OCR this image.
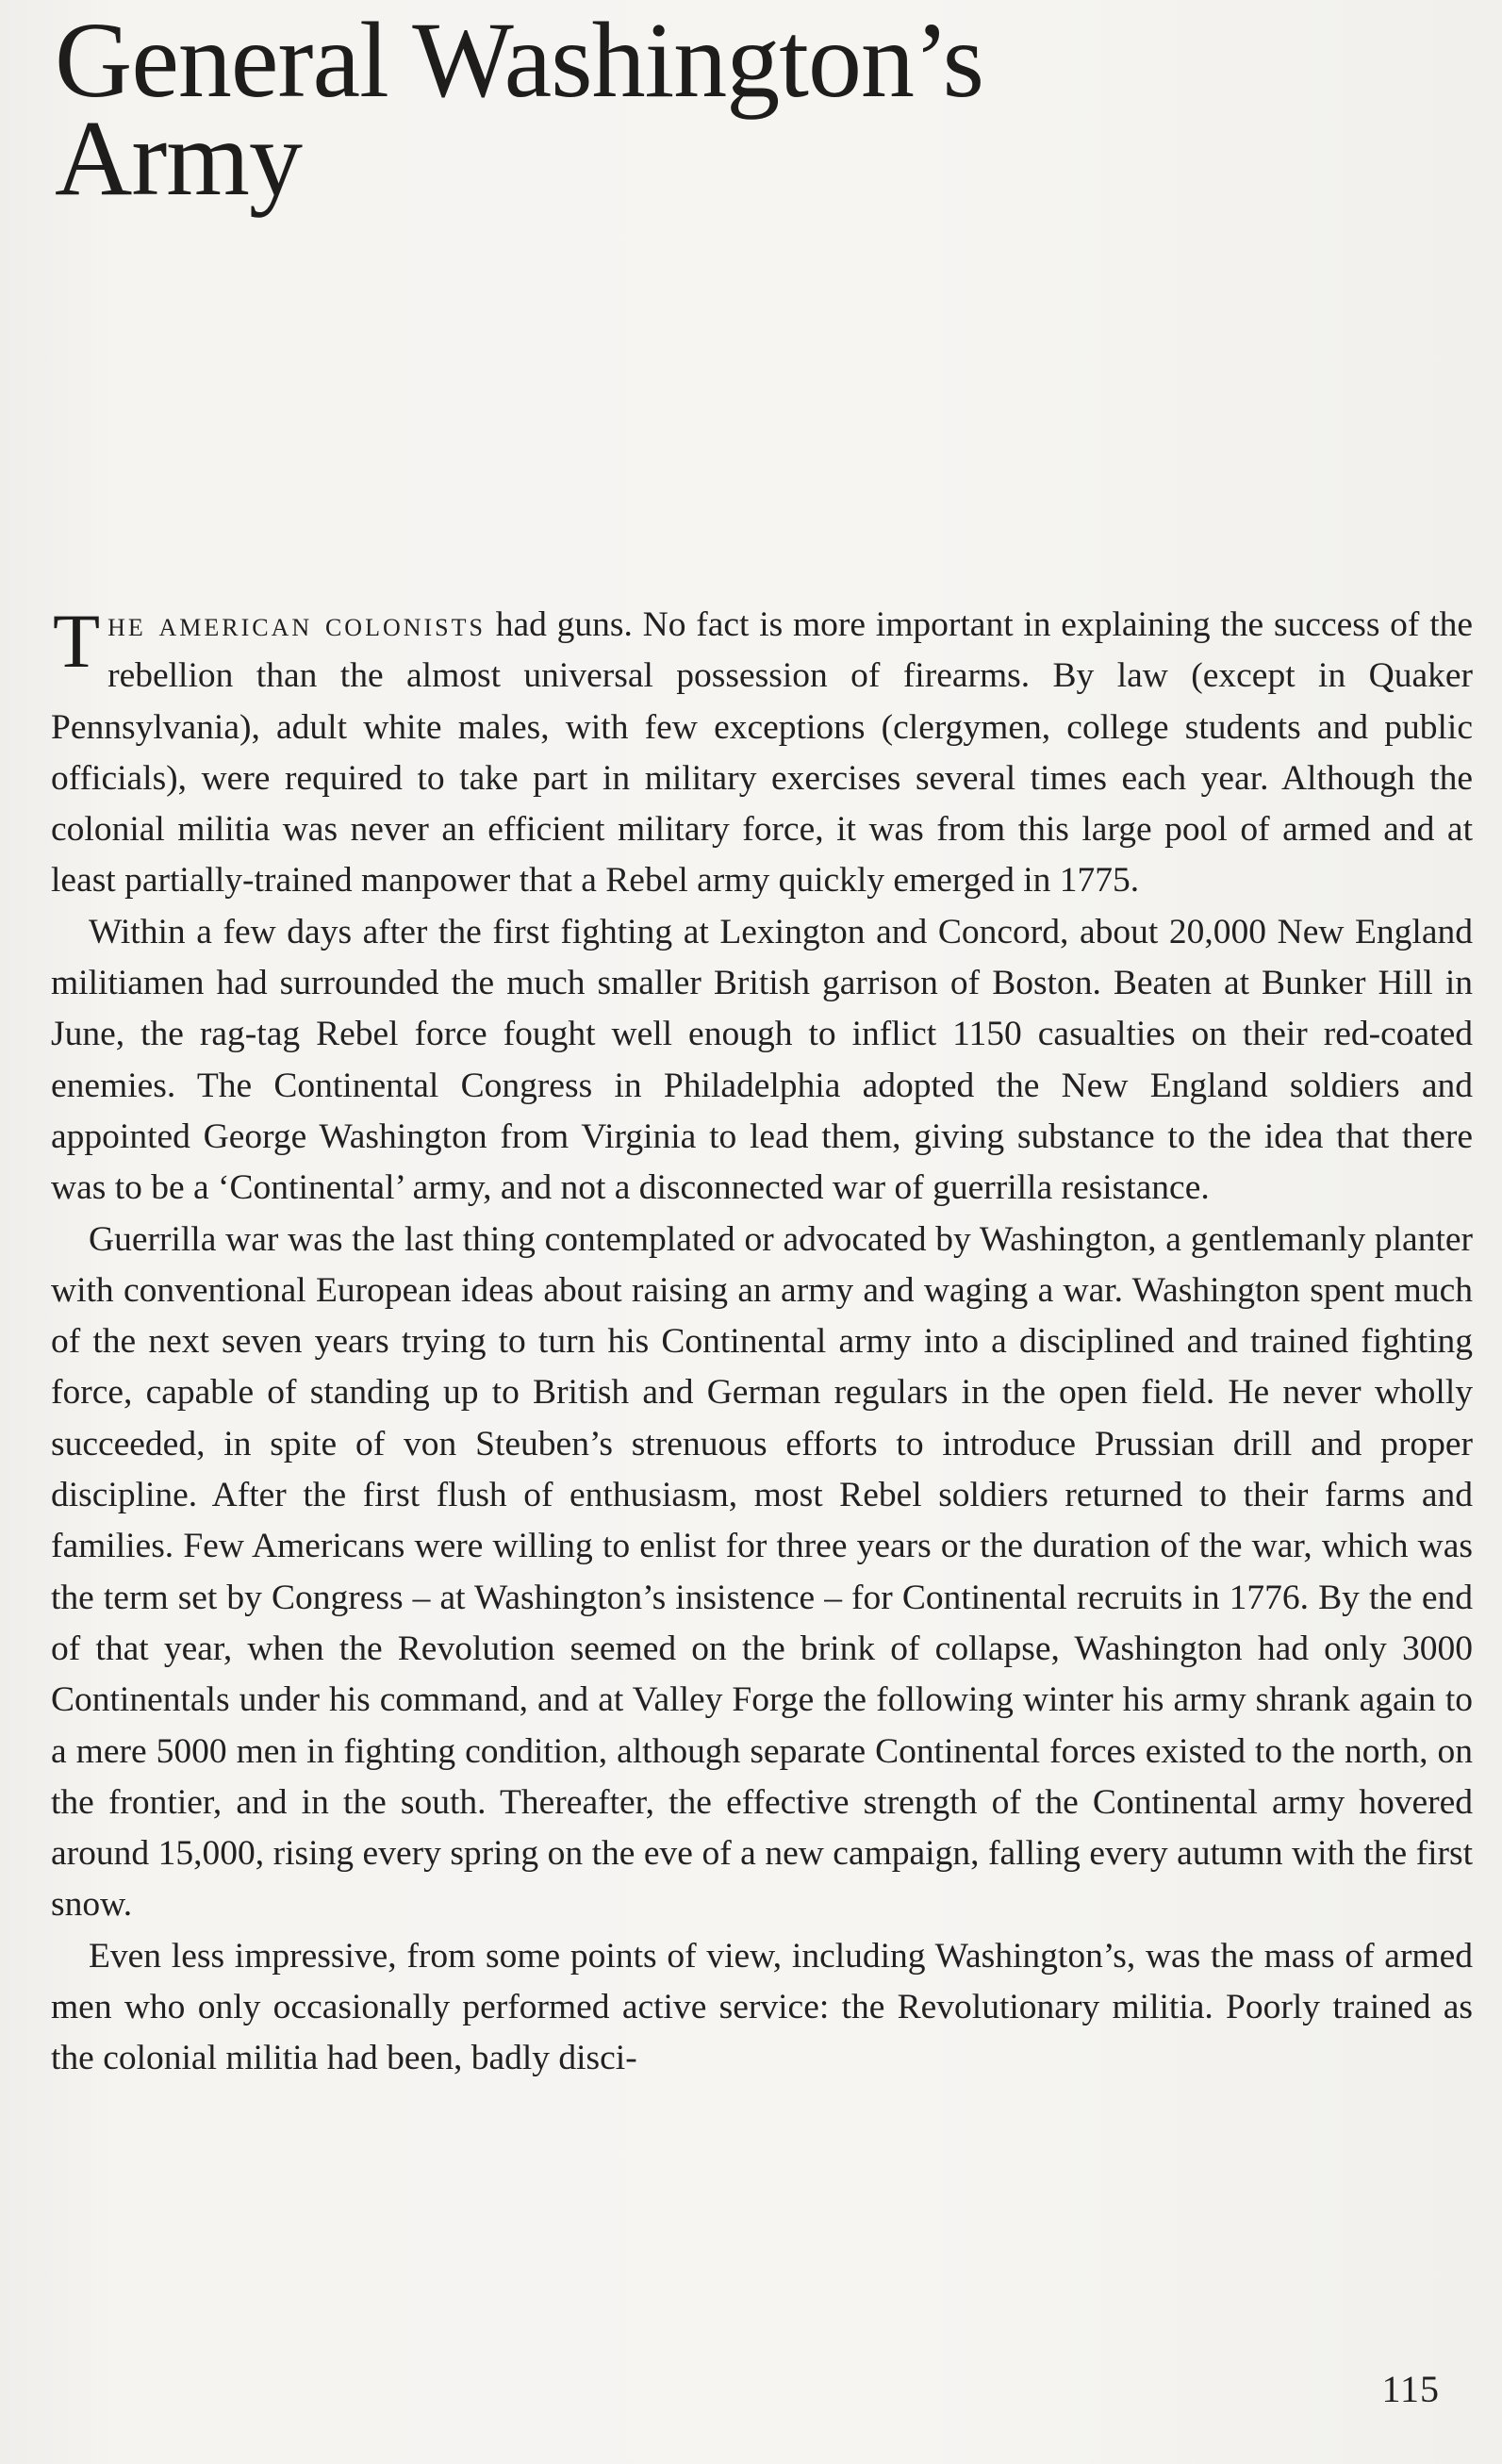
General Washington’s
Army

The american colonists had guns. No fact is more important in explaining the success of the rebellion than the almost universal possession of firearms. By law (except in Quaker Pennsylvania), adult white males, with few exceptions (clergymen, college students and public officials), were required to take part in military exercises several times each year. Although the colonial militia was never an efficient military force, it was from this large pool of armed and at least partially-trained manpower that a Rebel army quickly emerged in 1775.

Within a few days after the first fighting at Lexington and Concord, about 20,000 New England militiamen had surrounded the much smaller British garrison of Boston. Beaten at Bunker Hill in June, the rag-tag Rebel force fought well enough to inflict 1150 casualties on their red-coated enemies. The Continental Congress in Philadelphia adopted the New England soldiers and appointed George Washington from Virginia to lead them, giving substance to the idea that there was to be a ‘Continental’ army, and not a disconnected war of guerrilla resistance.

Guerrilla war was the last thing contemplated or advocated by Washington, a gentlemanly planter with conventional European ideas about raising an army and waging a war. Washington spent much of the next seven years trying to turn his Continental army into a disciplined and trained fighting force, capable of standing up to British and German regulars in the open field. He never wholly succeeded, in spite of von Steuben’s strenuous efforts to introduce Prussian drill and proper discipline. After the first flush of enthusiasm, most Rebel soldiers returned to their farms and families. Few Americans were willing to enlist for three years or the duration of the war, which was the term set by Congress – at Washington’s insistence – for Continental recruits in 1776. By the end of that year, when the Revolution seemed on the brink of collapse, Washington had only 3000 Continentals under his command, and at Valley Forge the following winter his army shrank again to a mere 5000 men in fighting condition, although separate Continental forces existed to the north, on the frontier, and in the south. Thereafter, the effective strength of the Continental army hovered around 15,000, rising every spring on the eve of a new campaign, falling every autumn with the first snow.

Even less impressive, from some points of view, including Washington’s, was the mass of armed men who only occasionally performed active service: the Revolutionary militia. Poorly trained as the colonial militia had been, badly disci-

115
